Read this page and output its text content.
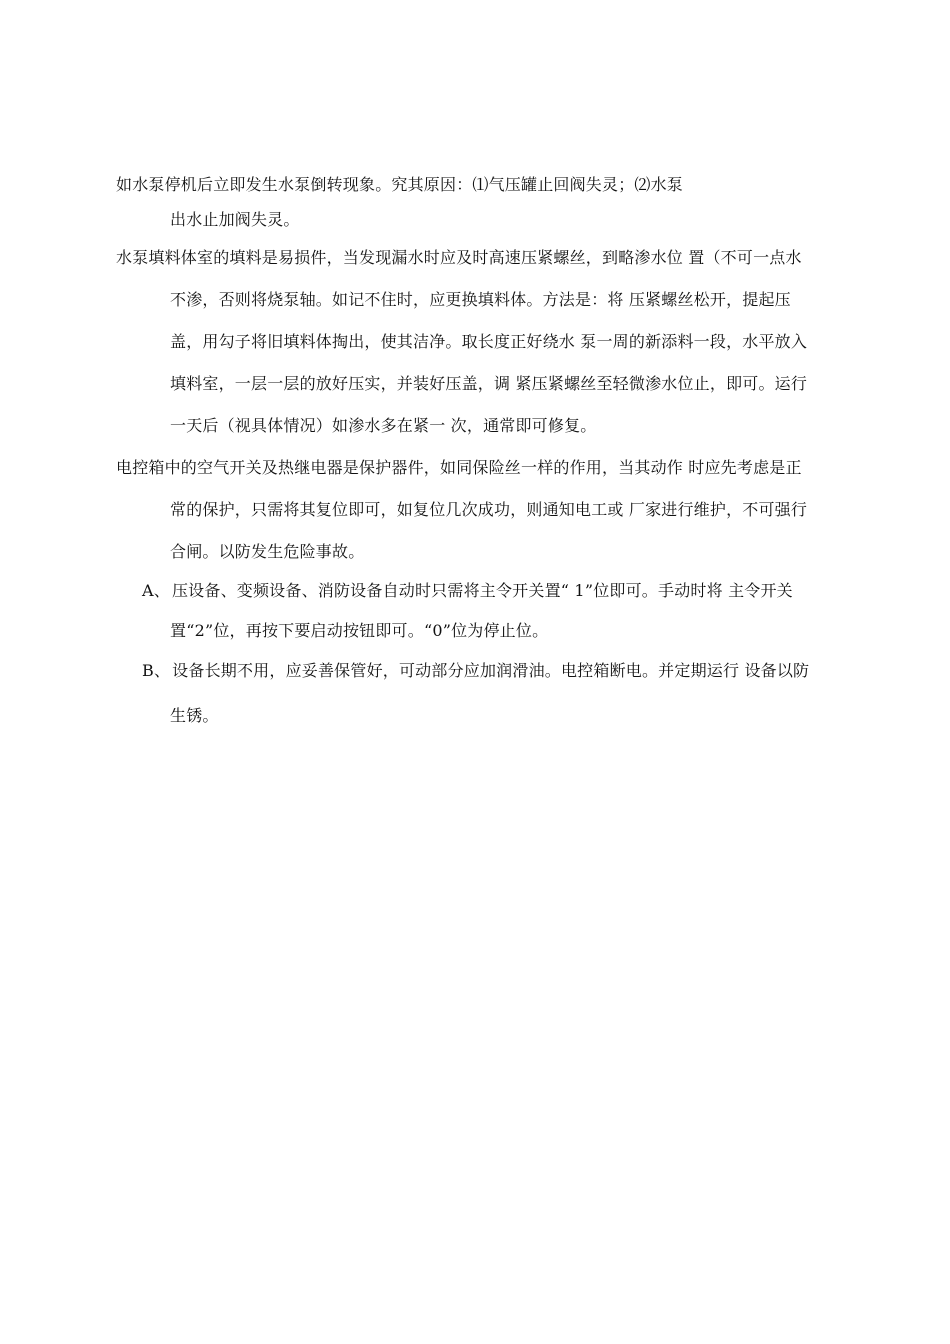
如水泵停机后立即发生水泵倒转现象。究其原因：⑴气压罐止回阀失灵；⑵水泵
出水止加阀失灵。
水泵填料体室的填料是易损件，当发现漏水时应及时高速压紧螺丝，到略渗水位 置（不可一点水
不渗，否则将烧泵轴。如记不住时，应更换填料体。方法是：将 压紧螺丝松开，提起压
盖，用勾子将旧填料体掏出，使其洁净。取长度正好绕水 泵一周的新添料一段，水平放入
填料室，一层一层的放好压实，并装好压盖，调 紧压紧螺丝至轻微渗水位止，即可。运行
一天后（视具体情况）如渗水多在紧一 次，通常即可修复。
电控箱中的空气开关及热继电器是保护器件，如同保险丝一样的作用，当其动作 时应先考虑是正
常的保护，只需将其复位即可，如复位几次成功，则通知电工或 厂家进行维护，不可强行
合闸。以防发生危险事故。
A、 压设备、变频设备、消防设备自动时只需将主令开关置“ 1”位即可。手动时将 主令开关
置“2”位，再按下要启动按钮即可。“0”位为停止位。
B、 设备长期不用，应妥善保管好，可动部分应加润滑油。电控箱断电。并定期运行 设备以防
生锈。
